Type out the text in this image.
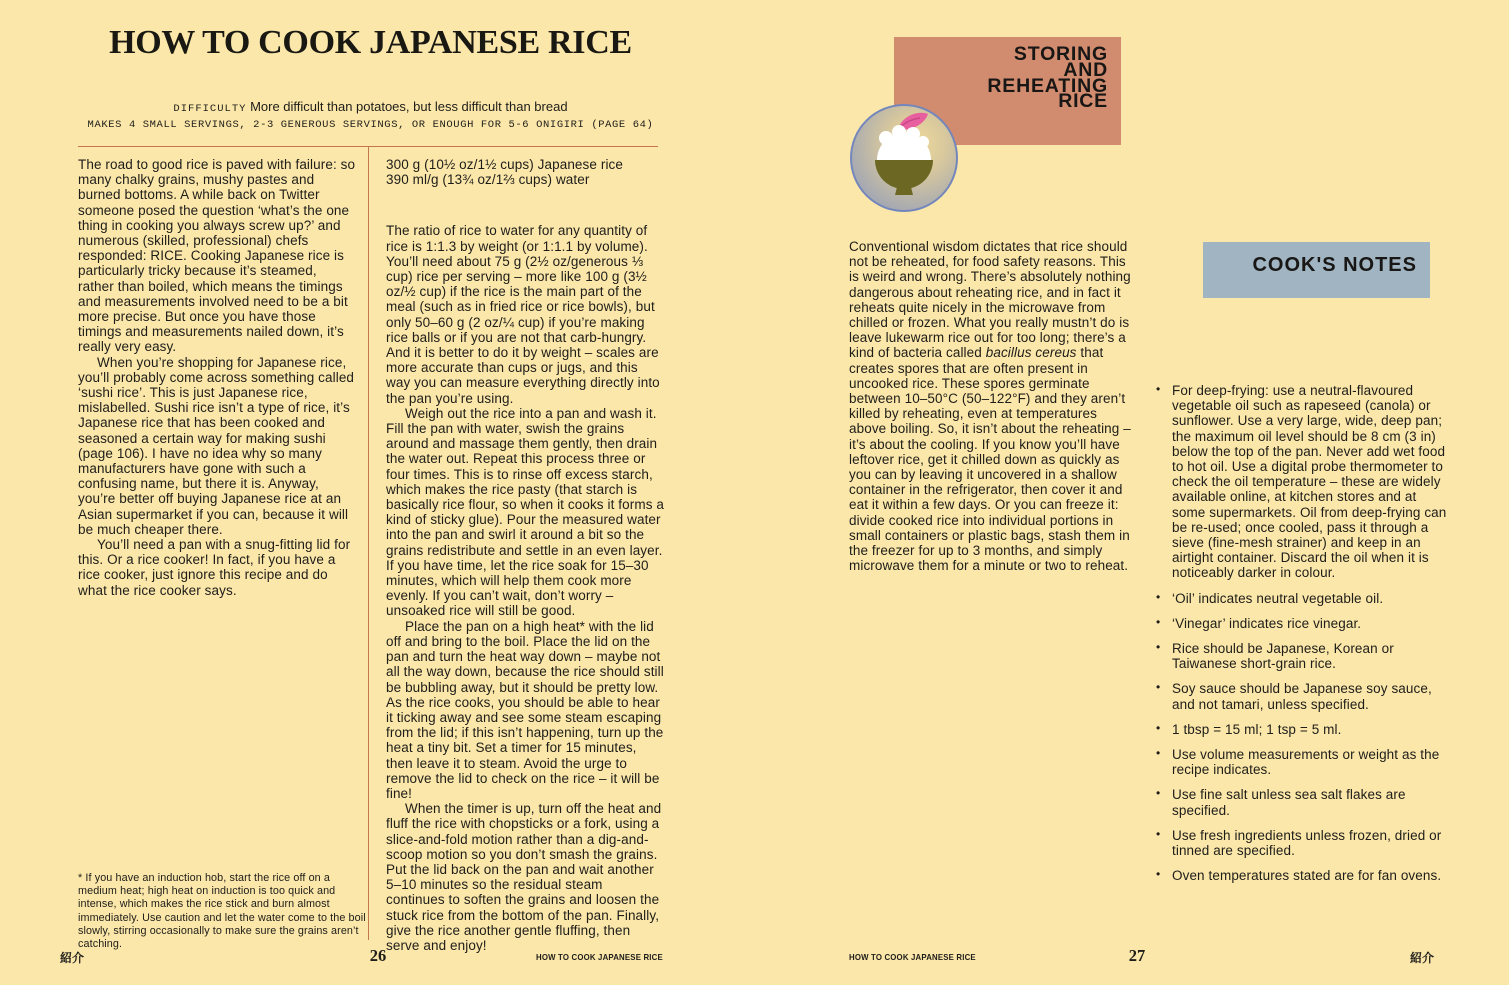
HOW TO COOK JAPANESE RICE
DIFFICULTY More difficult than potatoes, but less difficult than bread
MAKES 4 SMALL SERVINGS, 2-3 GENEROUS SERVINGS, OR ENOUGH FOR 5-6 ONIGIRI (PAGE 64)

The road to good rice is paved with failure: so many chalky grains, mushy pastes and burned bottoms. A while back on Twitter someone posed the question ‘what’s the one thing in cooking you always screw up?’ and numerous (skilled, professional) chefs responded: RICE. Cooking Japanese rice is particularly tricky because it’s steamed, rather than boiled, which means the timings and measurements involved need to be a bit more precise. But once you have those timings and measurements nailed down, it’s really very easy.

When you’re shopping for Japanese rice, you’ll probably come across something called ‘sushi rice’. This is just Japanese rice, mislabelled. Sushi rice isn’t a type of rice, it’s Japanese rice that has been cooked and seasoned a certain way for making sushi (page 106). I have no idea why so many manufacturers have gone with such a confusing name, but there it is. Anyway, you’re better off buying Japanese rice at an Asian supermarket if you can, because it will be much cheaper there.

You’ll need a pan with a snug-fitting lid for this. Or a rice cooker! In fact, if you have a rice cooker, just ignore this recipe and do what the rice cooker says.

300 g (10½ oz/1½ cups) Japanese rice
390 ml/g (13¾ oz/1⅔ cups) water

The ratio of rice to water for any quantity of rice is 1:1.3 by weight (or 1:1.1 by volume). You’ll need about 75 g (2½ oz/generous ⅓ cup) rice per serving – more like 100 g (3½ oz/½ cup) if the rice is the main part of the meal (such as in fried rice or rice bowls), but only 50–60 g (2 oz/¼ cup) if you’re making rice balls or if you are not that carb-hungry. And it is better to do it by weight – scales are more accurate than cups or jugs, and this way you can measure everything directly into the pan you’re using.

Weigh out the rice into a pan and wash it. Fill the pan with water, swish the grains around and massage them gently, then drain the water out. Repeat this process three or four times. This is to rinse off excess starch, which makes the rice pasty (that starch is basically rice flour, so when it cooks it forms a kind of sticky glue). Pour the measured water into the pan and swirl it around a bit so the grains redistribute and settle in an even layer. If you have time, let the rice soak for 15–30 minutes, which will help them cook more evenly. If you can’t wait, don’t worry – unsoaked rice will still be good.

Place the pan on a high heat* with the lid off and bring to the boil. Place the lid on the pan and turn the heat way down – maybe not all the way down, because the rice should still be bubbling away, but it should be pretty low. As the rice cooks, you should be able to hear it ticking away and see some steam escaping from the lid; if this isn’t happening, turn up the heat a tiny bit. Set a timer for 15 minutes, then leave it to steam. Avoid the urge to remove the lid to check on the rice – it will be fine!

When the timer is up, turn off the heat and fluff the rice with chopsticks or a fork, using a slice-and-fold motion rather than a dig-and-scoop motion so you don’t smash the grains. Put the lid back on the pan and wait another 5–10 minutes so the residual steam continues to soften the grains and loosen the stuck rice from the bottom of the pan. Finally, give the rice another gentle fluffing, then serve and enjoy!

* If you have an induction hob, start the rice off on a medium heat; high heat on induction is too quick and intense, which makes the rice stick and burn almost immediately. Use caution and let the water come to the boil slowly, stirring occasionally to make sure the grains aren’t catching.
紹介	26	HOW TO COOK JAPANESE RICE
STORING
AND
REHEATING
RICE

Conventional wisdom dictates that rice should not be reheated, for food safety reasons. This is weird and wrong. There’s absolutely nothing dangerous about reheating rice, and in fact it reheats quite nicely in the microwave from chilled or frozen. What you really mustn’t do is leave lukewarm rice out for too long; there’s a kind of bacteria called bacillus cereus that creates spores that are often present in uncooked rice. These spores germinate between 10–50°C (50–122°F) and they aren’t killed by reheating, even at temperatures above boiling. So, it isn’t about the reheating – it’s about the cooling. If you know you’ll have leftover rice, get it chilled down as quickly as you can by leaving it uncovered in a shallow container in the refrigerator, then cover it and eat it within a few days. Or you can freeze it: divide cooked rice into individual portions in small containers or plastic bags, stash them in the freezer for up to 3 months, and simply microwave them for a minute or two to reheat.

COOK'S NOTES
• For deep-frying: use a neutral-flavoured vegetable oil such as rapeseed (canola) or sunflower. Use a very large, wide, deep pan; the maximum oil level should be 8 cm (3 in) below the top of the pan. Never add wet food to hot oil. Use a digital probe thermometer to check the oil temperature – these are widely available online, at kitchen stores and at some supermarkets. Oil from deep-frying can be re-used; once cooled, pass it through a sieve (fine-mesh strainer) and keep in an airtight container. Discard the oil when it is noticeably darker in colour.
• ‘Oil’ indicates neutral vegetable oil.
• ‘Vinegar’ indicates rice vinegar.
• Rice should be Japanese, Korean or Taiwanese short-grain rice.
• Soy sauce should be Japanese soy sauce, and not tamari, unless specified.
• 1 tbsp = 15 ml; 1 tsp = 5 ml.
• Use volume measurements or weight as the recipe indicates.
• Use fine salt unless sea salt flakes are specified.
• Use fresh ingredients unless frozen, dried or tinned are specified.
• Oven temperatures stated are for fan ovens.
HOW TO COOK JAPANESE RICE	27	紹介
